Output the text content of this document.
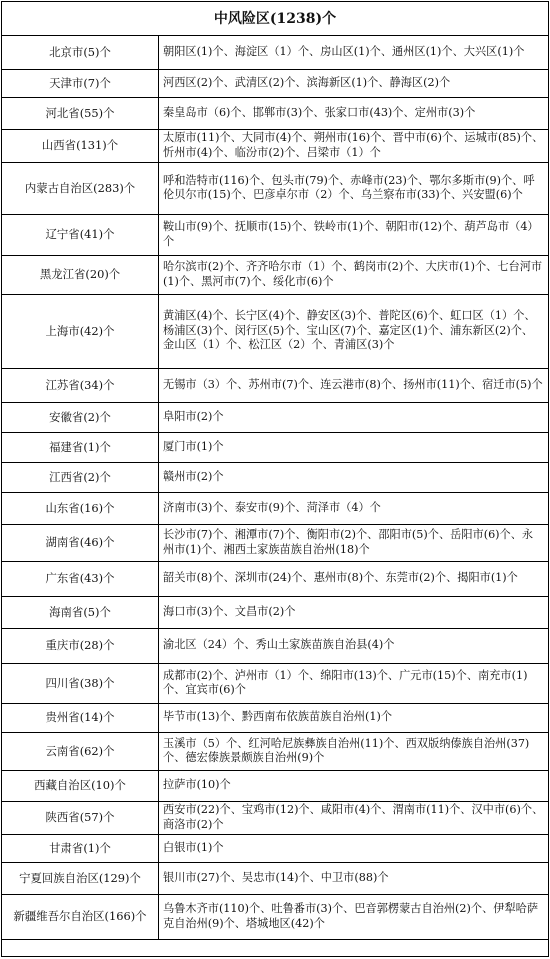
中风险区(1238)个
北京市(5)个	朝阳区(1)个、海淀区（1）个、房山区(1)个、通州区(1)个、大兴区(1)个
天津市(7)个	河西区(2)个、武清区(2)个、滨海新区(1)个、静海区(2)个
河北省(55)个	秦皇岛市（6)个、邯郸市(3)个、张家口市(43)个、定州市(3)个
山西省(131)个	太原市(11)个、大同市(4)个、朔州市(16)个、晋中市(6)个、运城市(85)个、忻州市(4)个、临汾市(2)个、吕梁市（1）个
内蒙古自治区(283)个	呼和浩特市(116)个、包头市(79)个、赤峰市(23)个、鄂尔多斯市(9)个、呼伦贝尔市(15)个、巴彦卓尔市（2）个、乌兰察布市(33)个、兴安盟(6)个
辽宁省(41)个	鞍山市(9)个、抚顺市(15)个、铁岭市(1)个、朝阳市(12)个、葫芦岛市（4）个
黑龙江省(20)个	哈尔滨市(2)个、齐齐哈尔市（1）个、鹤岗市(2)个、大庆市(1)个、七台河市(1)个、黑河市(7)个、绥化市(6)个
上海市(42)个	黄浦区(4)个、长宁区(4)个、静安区(3)个、普陀区(6)个、虹口区（1）个、杨浦区(3)个、闵行区(5)个、宝山区(7)个、嘉定区(1)个、浦东新区(2)个、金山区（1）个、松江区（2）个、青浦区(3)个
江苏省(34)个	无锡市（3）个、苏州市(7)个、连云港市(8)个、扬州市(11)个、宿迁市(5)个
安徽省(2)个	阜阳市(2)个
福建省(1)个	厦门市(1)个
江西省(2)个	赣州市(2)个
山东省(16)个	济南市(3)个、泰安市(9)个、菏泽市（4）个
湖南省(46)个	长沙市(7)个、湘潭市(7)个、衡阳市(2)个、邵阳市(5)个、岳阳市(6)个、永州市(1)个、湘西土家族苗族自治州(18)个
广东省(43)个	韶关市(8)个、深圳市(24)个、惠州市(8)个、东莞市(2)个、揭阳市(1)个
海南省(5)个	海口市(3)个、文昌市(2)个
重庆市(28)个	渝北区（24）个、秀山土家族苗族自治县(4)个
四川省(38)个	成都市(2)个、泸州市（1）个、绵阳市(13)个、广元市(15)个、南充市(1)个、宜宾市(6)个
贵州省(14)个	毕节市(13)个、黔西南布依族苗族自治州(1)个
云南省(62)个	玉溪市（5）个、红河哈尼族彝族自治州(11)个、西双版纳傣族自治州(37)个、德宏傣族景颇族自治州(9)个
西藏自治区(10)个	拉萨市(10)个
陕西省(57)个	西安市(22)个、宝鸡市(12)个、咸阳市(4)个、渭南市(11)个、汉中市(6)个、商洛市(2)个
甘肃省(1)个	白银市(1)个
宁夏回族自治区(129)个	银川市(27)个、吴忠市(14)个、中卫市(88)个
新疆维吾尔自治区(166)个	乌鲁木齐市(110)个、吐鲁番市(3)个、巴音郭楞蒙古自治州(2)个、伊犁哈萨克自治州(9)个、塔城地区(42)个
